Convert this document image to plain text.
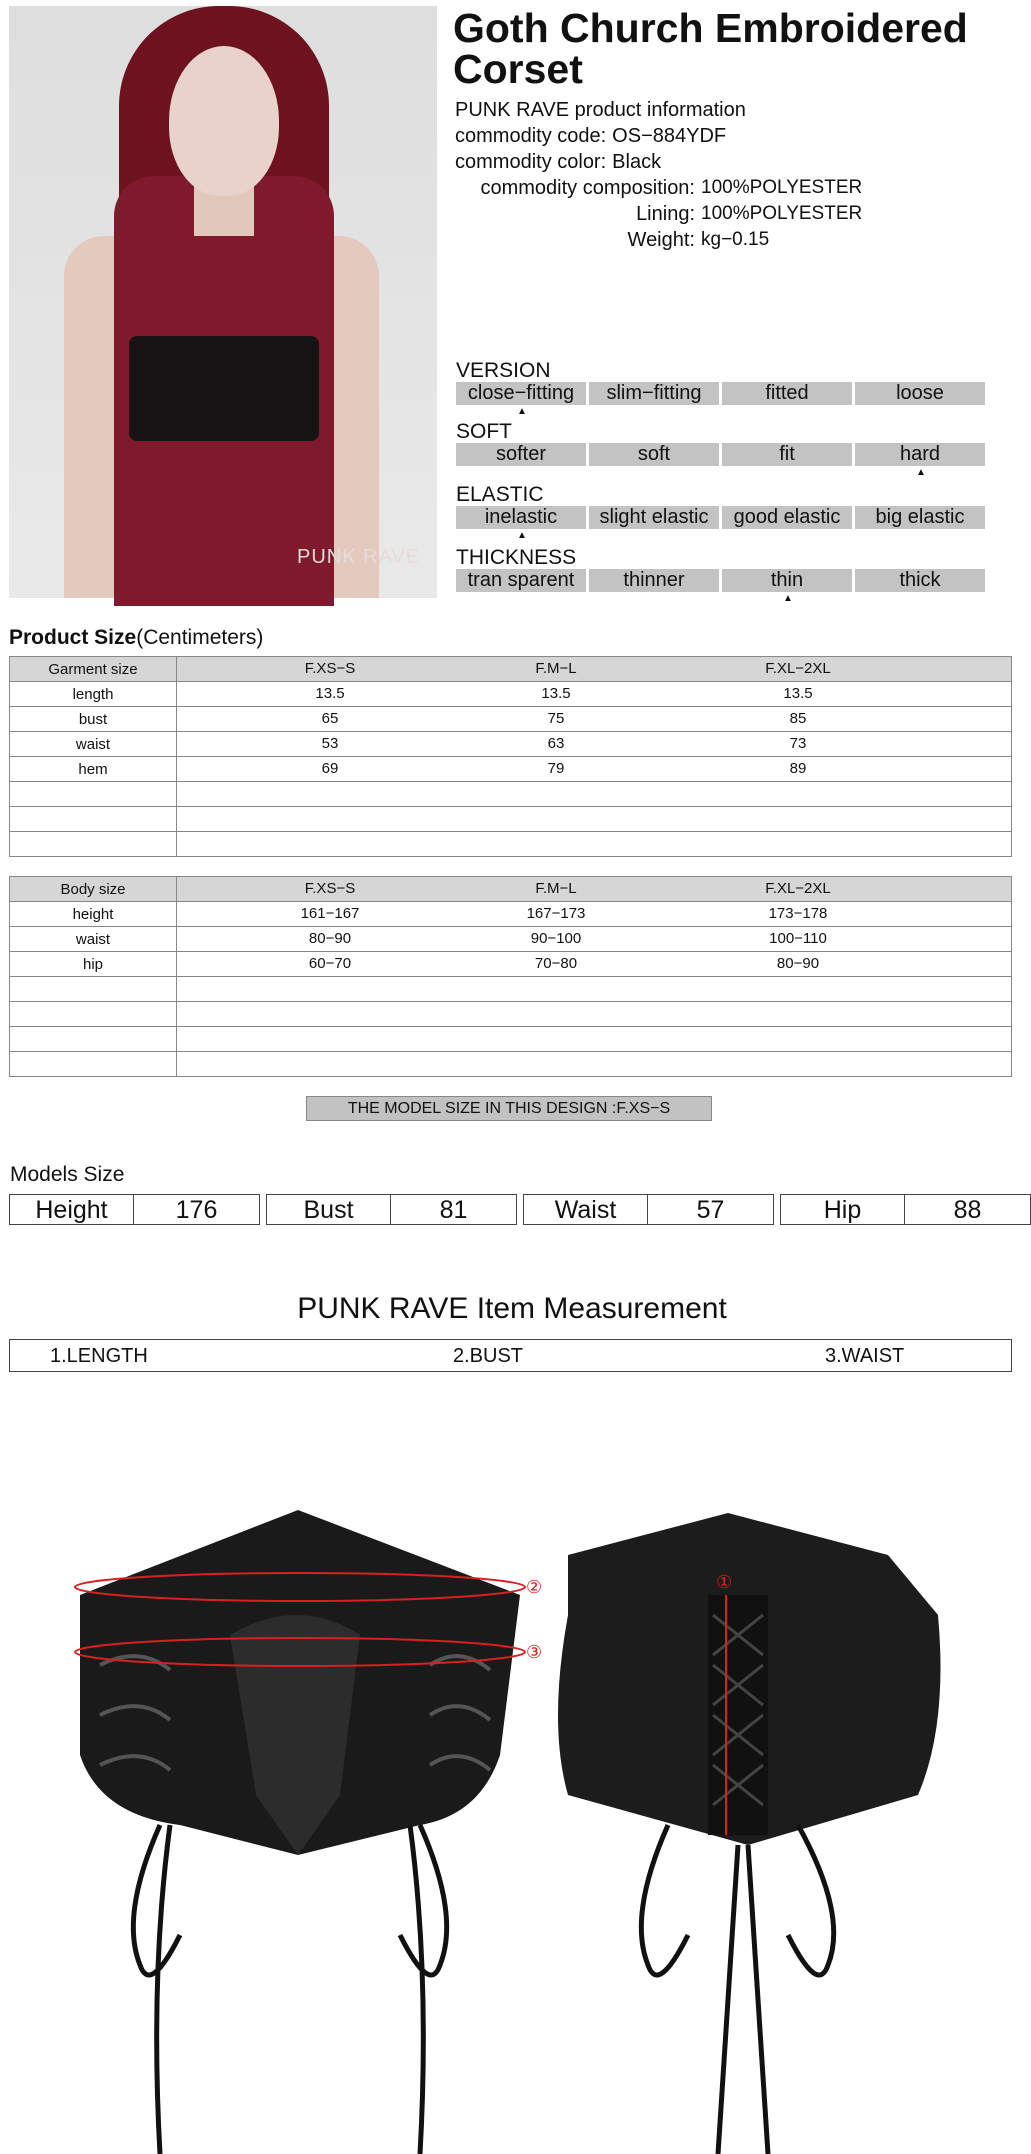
PUNK RAVE
Goth Church Embroidered Corset
PUNK RAVE product information
commodity code: OS−884YDF
commodity color: Black
commodity composition: 100%POLYESTER
Lining: 100%POLYESTER
Weight: kg−0.15
VERSION
close−fitting	slim−fitting	fitted	loose
▲
SOFT
softer	soft	fit	hard
▲
ELASTIC
inelastic	slight elastic	good elastic	big elastic
▲
THICKNESS
tran sparent	thinner	thin	thick
▲
Product Size(Centimeters)
Garment size	F.XS−S F.M−L F.XL−2XL

length	13.5 13.5 13.5

bust	65 75 85

waist	53 63 73

hem	69 79 89

Body size	F.XS−S F.M−L F.XL−2XL

height	161−167 167−173 173−178

waist	80−90 90−100 100−110

hip	60−70 70−80 80−90

THE MODEL SIZE IN THIS DESIGN :F.XS−S
Models Size
Height	176	Bust	81	Waist	57	Hip	88
PUNK RAVE Item Measurement
1.LENGTH	2.BUST	3.WAIST
②
③
①
